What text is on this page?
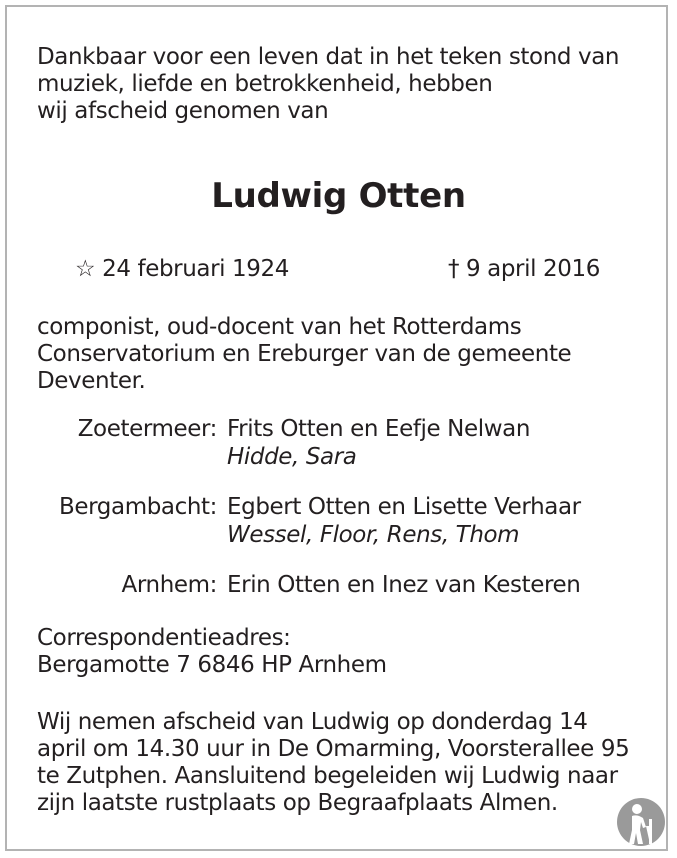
Dankbaar voor een leven dat in het teken stond van
muziek, liefde en betrokkenheid, hebben
wij afscheid genomen van
Ludwig Otten
☆ 24 februari 1924	† 9 april 2016
componist, oud-docent van het Rotterdams
Conservatorium en Ereburger van de gemeente
Deventer.
Zoetermeer: Frits Otten en Eefje Nelwan
Hidde, Sara
Bergambacht: Egbert Otten en Lisette Verhaar
Wessel, Floor, Rens, Thom
Arnhem: Erin Otten en Inez van Kesteren
Correspondentieadres:
Bergamotte 7 6846 HP Arnhem
Wij nemen afscheid van Ludwig op donderdag 14
april om 14.30 uur in De Omarming, Voorsterallee 95
te Zutphen. Aansluitend begeleiden wij Ludwig naar
zijn laatste rustplaats op Begraafplaats Almen.
